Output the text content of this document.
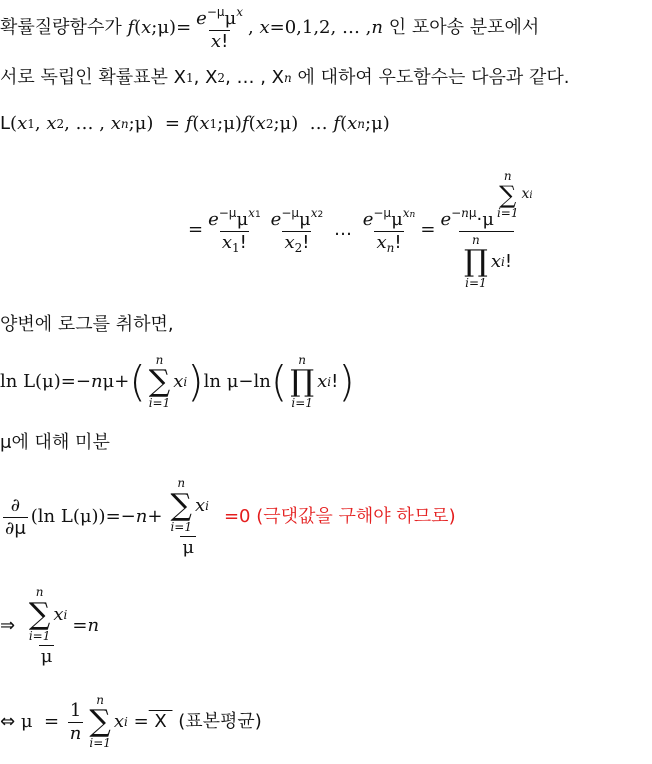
확률질량함수가 f (x;μ)= $\frac{e^{-\mu}\mu^x}{x!}$ , x=0,1,2, … ,n 인 포아송 분포에서
서로 독립인 확률표본 X 1 , X 2 , … , X n
에 대하여 우도함수는 다음과 같다.
L (x 1 , x 2 , … , x n ;μ)  = f(x 1 ;μ)f(x 2 ;μ)  … f(x n ;μ)
= $\frac{e^{-\mu}\mu^{x1}}{x_1!} \frac{e^{-\mu}\mu^{x2}}{x_2!}$ … $\frac{e^{-\mu}\mu^{xn}}{x_n!} = e^{-n\mu}\cdot\mu$
n
∑
i=1
xi
n
∏
i=1
x i !
양변에 로그를 취하면,
ln L(μ)=−nμ+ ( n
∑
i=1
x i ) ln μ−ln ( n
∏
i=1
x i ! )
μ에 대해 미분
$\frac{\partial}{\partial\mu} (\ln$ L(μ))=−n+ n
∑
i=1
x i
μ =0 (극댓값을 구해야 하므로)
⇒ n
∑
i=1
x i
μ =n
⇔ $\mu = \frac{1}{n}$
n
∑
i=1
x i = X
(표본평균)
